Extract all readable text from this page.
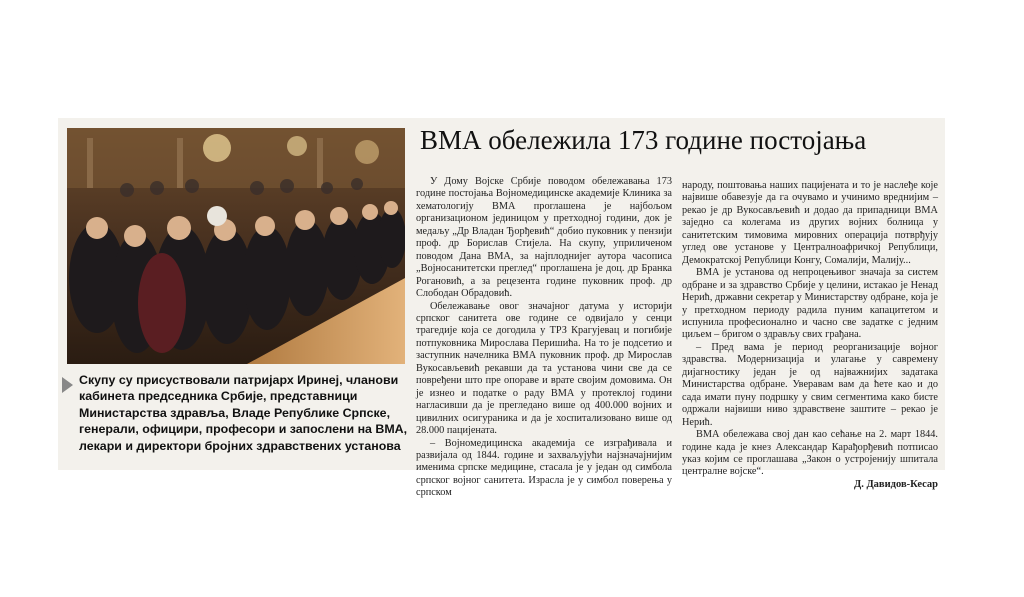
Скупу су присуствовали патријарх Иринеј, чланови кабинета председника Србије, представници Министарства здравља, Владе Републике Српске, генерали, официри, професори и запослени на ВМА, лекари и директори бројних здравствених установа
ВМА обележила 173 године постојања

У Дому Војске Србије поводом обележавања 173 године постојања Војномедицинске академије Клиника за хематологију ВМА проглашена је најбољом организационом јединицом у претходној години, док је медаљу „Др Владан Ђорђевић“ добио пуковник у пензији проф. др Борислав Стијела. На скупу, уприличеном поводом Дана ВМА, за најплоднијег аутора часописа „Војносанитетски преглед“ проглашена је доц. др Бранка Рогановић, а за рецезента године пуковник проф. др Слободан Обрадовић.

Обележавање овог значајног датума у историји српског санитета ове године се одвијало у сенци трагедије која се догодила у ТРЗ Крагујевац и погибије потпуковника Мирослава Перишића. На то је подсетио и заступник начелника ВМА пуковник проф. др Мирослав Вукосављевић рекавши да та установа чини све да се повређени што пре опораве и врате својим домовима. Он је изнео и податке о раду ВМА у протеклој години нагласивши да је прегледано више од 400.000 војних и цивилних осигураника и да је хоспитализовано више од 28.000 пацијената.

– Војномедицинска академија се изграђивала и развијала од 1844. године и захваљујући најзначајнијим именима српске медицине, стасала је у један од симбола српског војног санитета. Израсла је у симбол поверења у српском

народу, поштовања наших пацијената и то је наслеђе које највише обавезује да га очувамо и учинимо вреднијим – рекао је др Вукосављевић и додао да припадници ВМА заједно са колегама из других војних болница у санитетским тимовима мировних операција потврђују углед ове установе у Централноафричкој Републици, Демократској Републици Конгу, Сомалији, Малију...

ВМА је установа од непроцењивог значаја за систем одбране и за здравство Србије у целини, истакао је Ненад Нерић, државни секретар у Министарству одбране, која је у претходном периоду радила пуним капацитетом и испунила професионално и часно све задатке с једним циљем – бригом о здрављу свих грађана.

– Пред вама је период реорганизације војног здравства. Модернизација и улагање у савремену дијагностику један је од најважнијих задатака Министарства одбране. Уверавам вам да ћете као и до сада имати пуну подршку у свим сегментима како бисте одржали највиши ниво здравствене заштите – рекао је Нерић.

ВМА обележава свој дан као сећање на 2. март 1844. године када је кнез Александар Карађорђевић потписао указ којим се проглашава „Закон о устројенију шпитала централне војске“.

Д. Давидов-Кесар
